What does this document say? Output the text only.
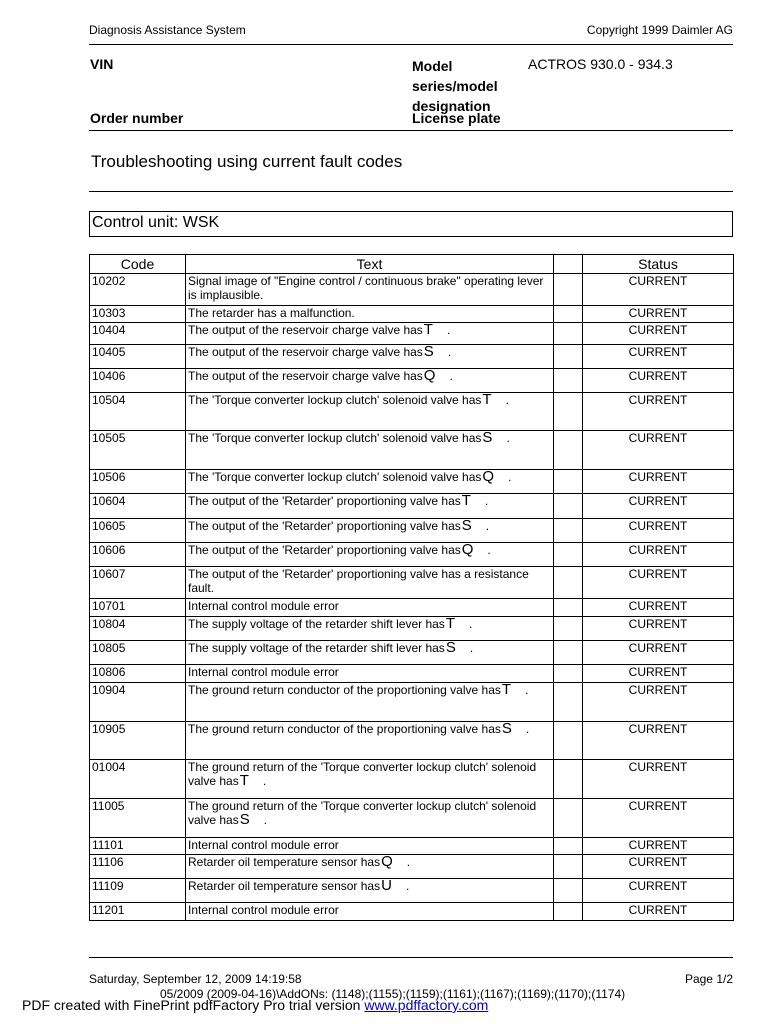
Diagnosis Assistance System	Copyright 1999 Daimler AG
VIN	Model series/model designation
ACTROS 930.0 - 934.3
Order number	License plate
Troubleshooting using current fault codes
Control unit: WSK
Code	Text		Status
10202	Signal image of "Engine control / continuous brake" operating lever is implausible.		CURRENT
10303	The retarder has a malfunction.		CURRENT
10404	The output of the reservoir charge valve hasT .		CURRENT
10405	The output of the reservoir charge valve hasS .		CURRENT
10406	The output of the reservoir charge valve hasQ .		CURRENT
10504	The 'Torque converter lockup clutch' solenoid valve hasT .		CURRENT
10505	The 'Torque converter lockup clutch' solenoid valve hasS .		CURRENT
10506	The 'Torque converter lockup clutch' solenoid valve hasQ .		CURRENT
10604	The output of the 'Retarder' proportioning valve hasT .		CURRENT
10605	The output of the 'Retarder' proportioning valve hasS .		CURRENT
10606	The output of the 'Retarder' proportioning valve hasQ .		CURRENT
10607	The output of the 'Retarder' proportioning valve has a resistance fault.		CURRENT
10701	Internal control module error		CURRENT
10804	The supply voltage of the retarder shift lever hasT .		CURRENT
10805	The supply voltage of the retarder shift lever hasS .		CURRENT
10806	Internal control module error		CURRENT
10904	The ground return conductor of the proportioning valve hasT .		CURRENT
10905	The ground return conductor of the proportioning valve hasS .		CURRENT
01004	The ground return of the 'Torque converter lockup clutch' solenoid valve hasT .		CURRENT
11005	The ground return of the 'Torque converter lockup clutch' solenoid valve hasS .		CURRENT
11101	Internal control module error		CURRENT
11106	Retarder oil temperature sensor hasQ .		CURRENT
11109	Retarder oil temperature sensor hasU .		CURRENT
11201	Internal control module error		CURRENT
Saturday, September 12, 2009 14:19:58	Page 1/2
05/2009 (2009-04-16)\AddONs: (1148);(1155);(1159);(1161);(1167);(1169);(1170);(1174)
PDF created with FinePrint pdfFactory Pro trial version www.pdffactory.com
